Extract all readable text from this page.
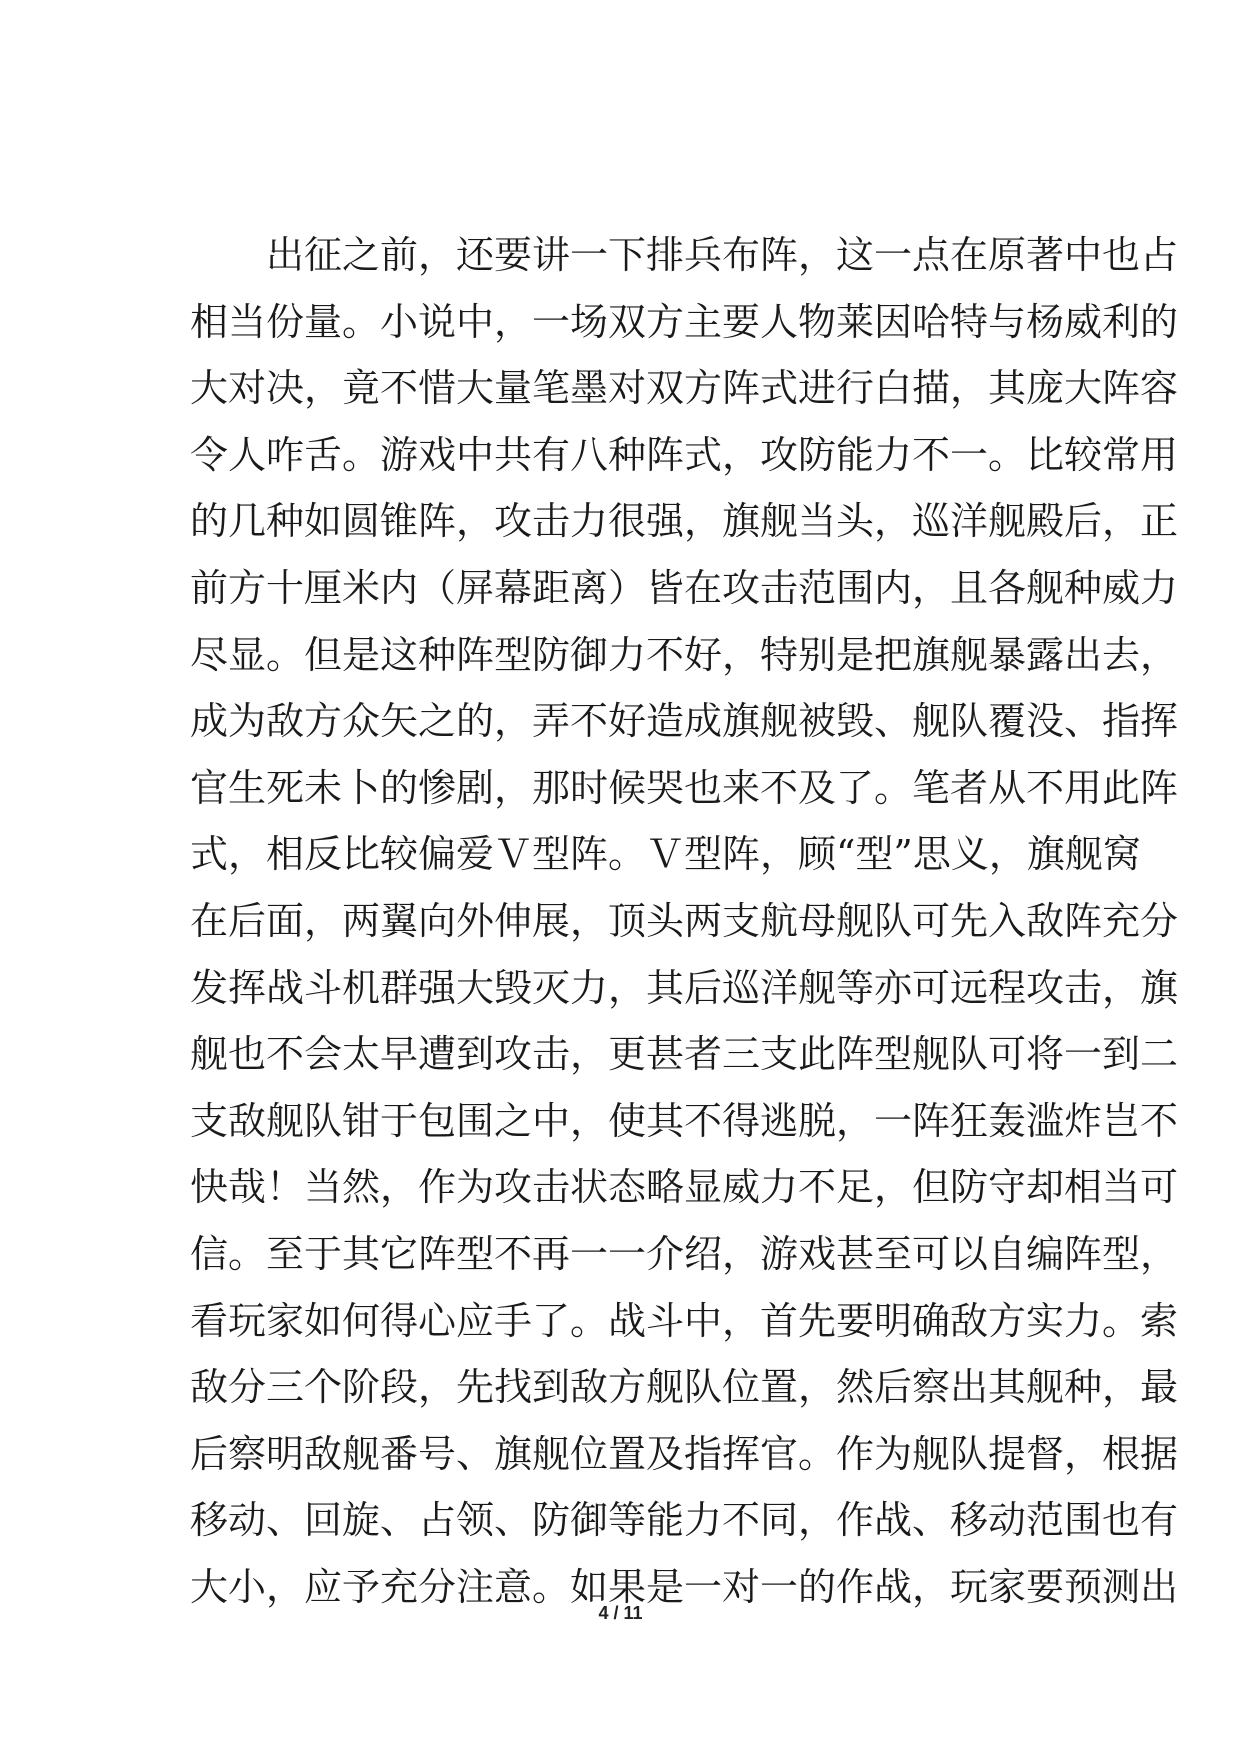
　　出征之前，还要讲一下排兵布阵，这一点在原著中也占
相当份量。小说中，一场双方主要人物莱因哈特与杨威利的
大对决，竟不惜大量笔墨对双方阵式进行白描，其庞大阵容
令人咋舌。游戏中共有八种阵式，攻防能力不一。比较常用
的几种如圆锥阵，攻击力很强，旗舰当头，巡洋舰殿后，正
前方十厘米内（屏幕距离）皆在攻击范围内，且各舰种威力
尽显。但是这种阵型防御力不好，特别是把旗舰暴露出去，
成为敌方众矢之的，弄不好造成旗舰被毁、舰队覆没、指挥
官生死未卜的惨剧，那时候哭也来不及了。笔者从不用此阵
式，相反比较偏爱Ｖ型阵。Ｖ型阵，顾“型”思义，旗舰窝
在后面，两翼向外伸展，顶头两支航母舰队可先入敌阵充分
发挥战斗机群强大毁灭力，其后巡洋舰等亦可远程攻击，旗
舰也不会太早遭到攻击，更甚者三支此阵型舰队可将一到二
支敌舰队钳于包围之中，使其不得逃脱，一阵狂轰滥炸岂不
快哉！当然，作为攻击状态略显威力不足，但防守却相当可
信。至于其它阵型不再一一介绍，游戏甚至可以自编阵型，
看玩家如何得心应手了。战斗中，首先要明确敌方实力。索
敌分三个阶段，先找到敌方舰队位置，然后察出其舰种，最
后察明敌舰番号、旗舰位置及指挥官。作为舰队提督，根据
移动、回旋、占领、防御等能力不同，作战、移动范围也有
大小，应予充分注意。如果是一对一的作战，玩家要预测出
4 / 11
